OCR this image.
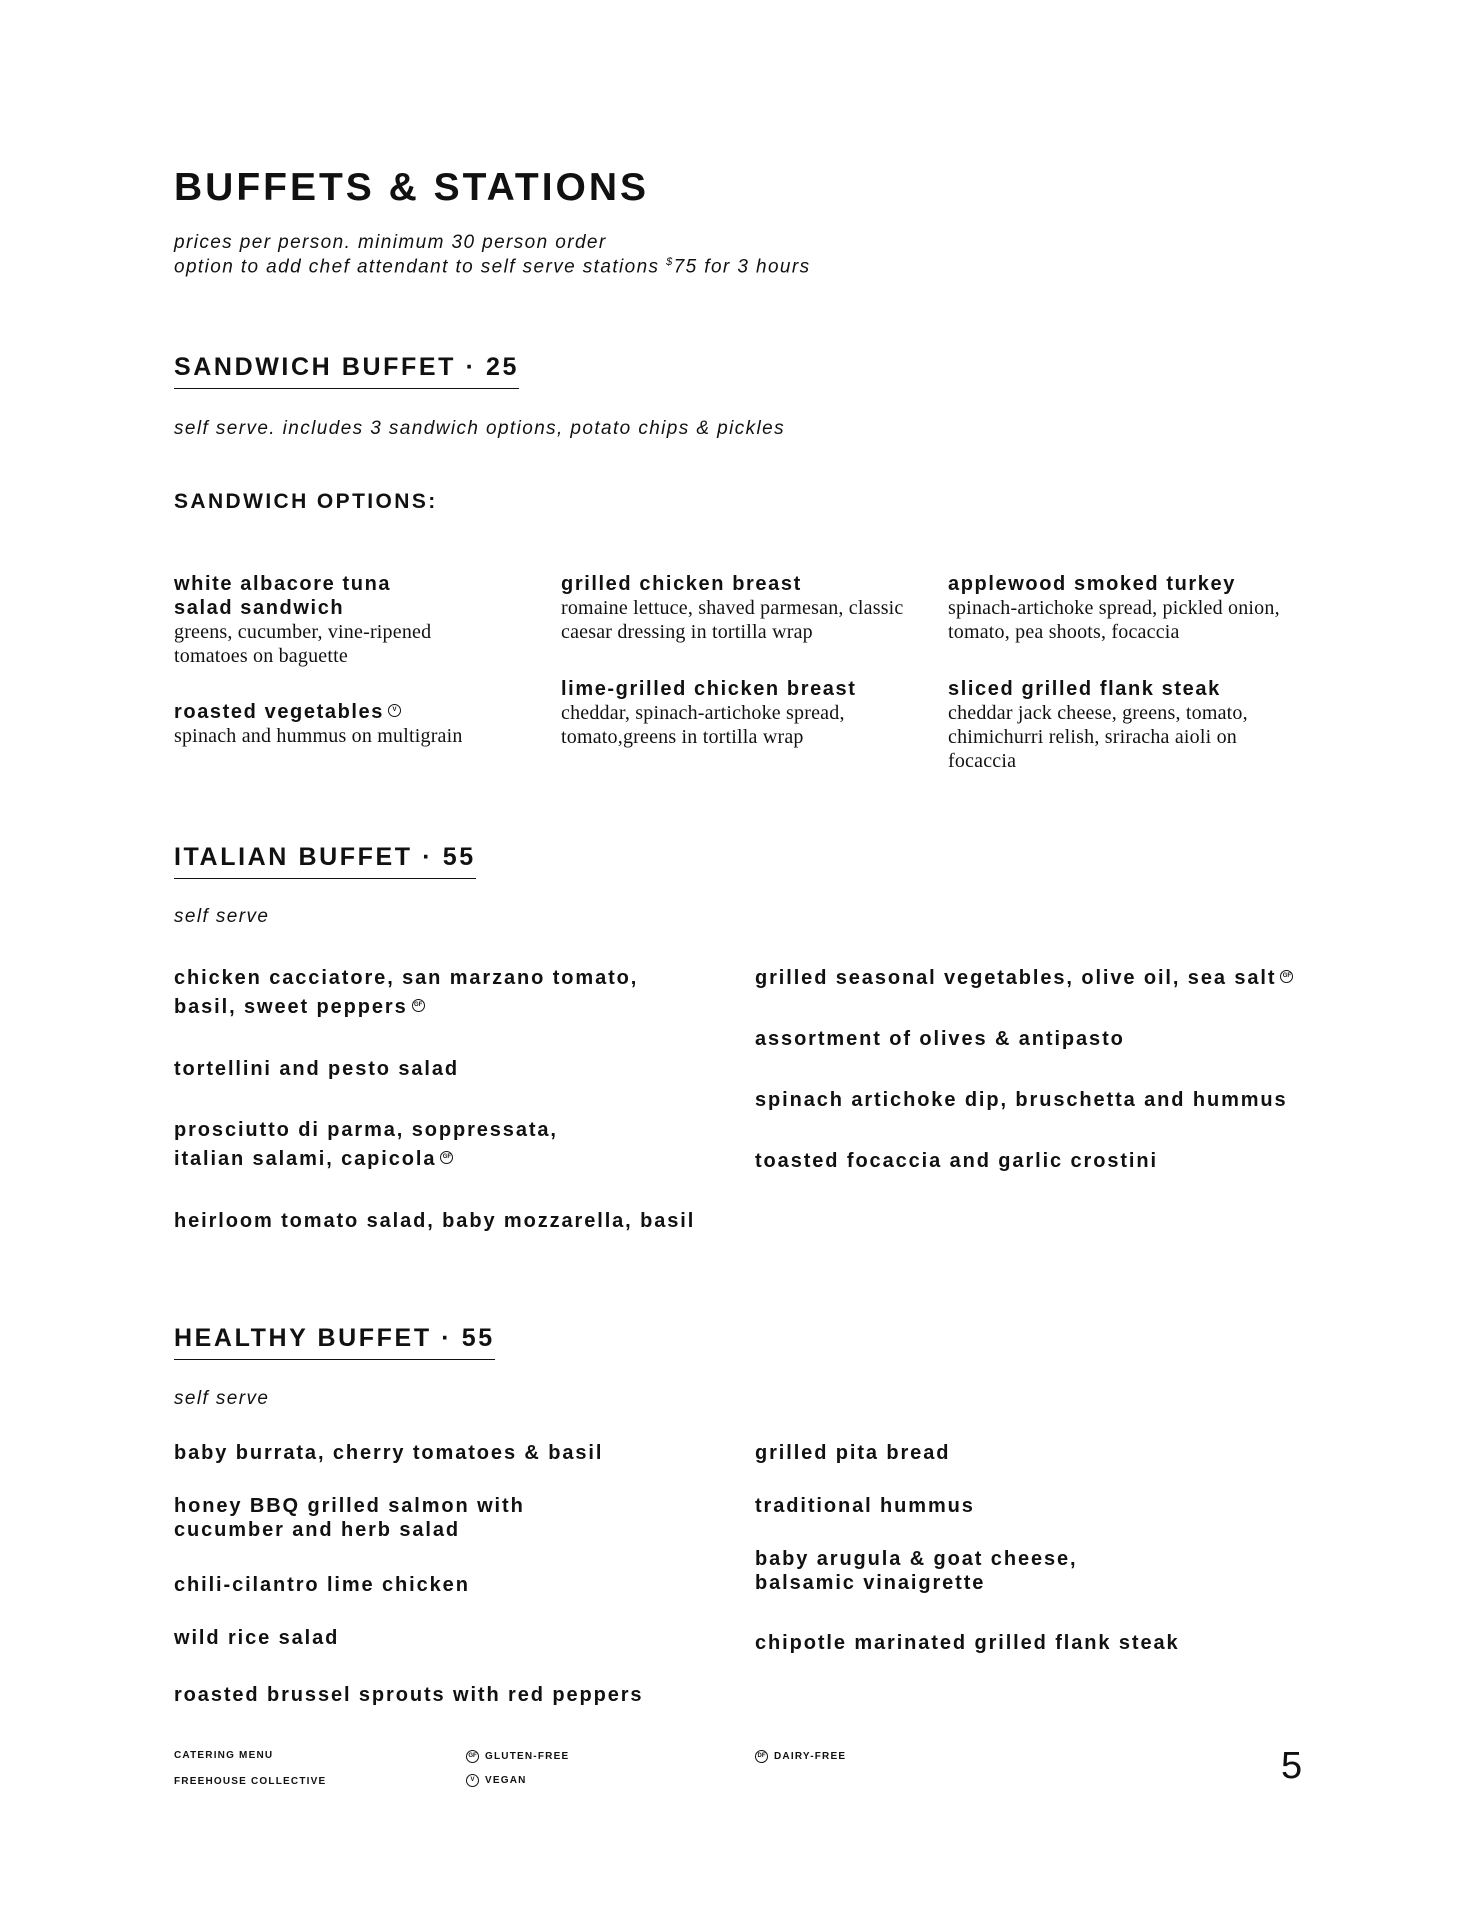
BUFFETS & STATIONS
prices per person. minimum 30 person order
option to add chef attendant to self serve stations $75 for 3 hours
SANDWICH BUFFET · 25
self serve. includes 3 sandwich options, potato chips & pickles
SANDWICH OPTIONS:
white albacore tuna salad sandwich
greens, cucumber, vine-ripened tomatoes on baguette
roasted vegetables V
spinach and hummus on multigrain
grilled chicken breast
romaine lettuce, shaved parmesan, classic caesar dressing in tortilla wrap
lime-grilled chicken breast
cheddar, spinach-artichoke spread, tomato,greens in tortilla wrap
applewood smoked turkey
spinach-artichoke spread, pickled onion, tomato, pea shoots, focaccia
sliced grilled flank steak
cheddar jack cheese, greens, tomato, chimichurri relish, sriracha aioli on focaccia
ITALIAN BUFFET · 55
self serve
chicken cacciatore, san marzano tomato,
basil, sweet peppers GF
tortellini and pesto salad
prosciutto di parma, soppressata,
italian salami, capicola GF
heirloom tomato salad, baby mozzarella, basil
grilled seasonal vegetables, olive oil, sea salt GF
assortment of olives & antipasto
spinach artichoke dip, bruschetta and hummus
toasted focaccia and garlic crostini
HEALTHY BUFFET · 55
self serve
baby burrata, cherry tomatoes & basil
honey BBQ grilled salmon with
cucumber and herb salad
chili-cilantro lime chicken
wild rice salad
roasted brussel sprouts with red peppers
grilled pita bread
traditional hummus
baby arugula & goat cheese,
balsamic vinaigrette
chipotle marinated grilled flank steak
CATERING MENU
FREEHOUSE COLLECTIVE
GF GLUTEN-FREE
V VEGAN
DF DAIRY-FREE	5
